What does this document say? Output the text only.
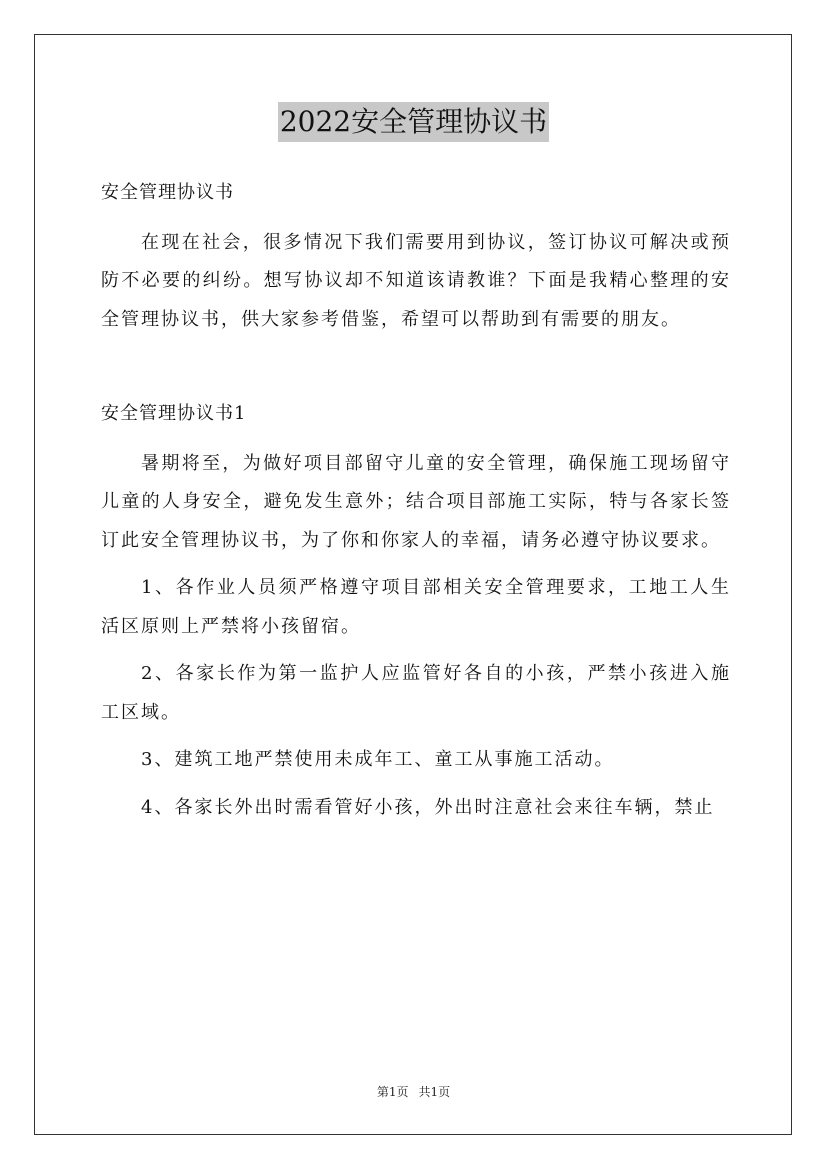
2022安全管理协议书

安全管理协议书

在现在社会，很多情况下我们需要用到协议，签订协议可解决或预防不必要的纠纷。想写协议却不知道该请教谁？下面是我精心整理的安全管理协议书，供大家参考借鉴，希望可以帮助到有需要的朋友。

安全管理协议书1

暑期将至，为做好项目部留守儿童的安全管理，确保施工现场留守儿童的人身安全，避免发生意外；结合项目部施工实际，特与各家长签订此安全管理协议书，为了你和你家人的幸福，请务必遵守协议要求。

1、各作业人员须严格遵守项目部相关安全管理要求，工地工人生活区原则上严禁将小孩留宿。

2、各家长作为第一监护人应监管好各自的小孩，严禁小孩进入施工区域。

3、建筑工地严禁使用未成年工、童工从事施工活动。

4、各家长外出时需看管好小孩，外出时注意社会来往车辆，禁止

第1页 共1页
